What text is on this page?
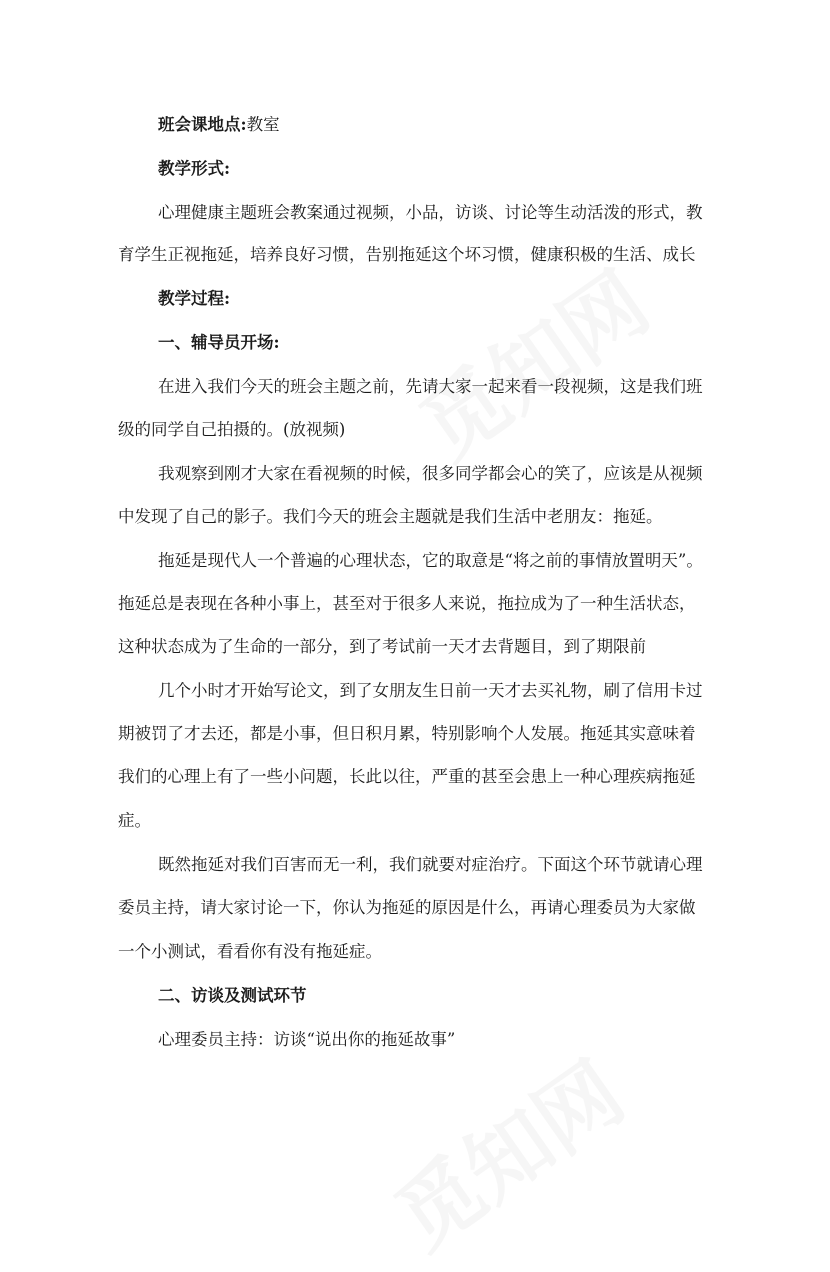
班会课地点:教室
教学形式:
心理健康主题班会教案通过视频，小品，访谈、讨论等生动活泼的形式，教
育学生正视拖延，培养良好习惯，告别拖延这个坏习惯，健康积极的生活、成长
教学过程:
一、辅导员开场:
在进入我们今天的班会主题之前，先请大家一起来看一段视频，这是我们班
级的同学自己拍摄的。(放视频)
我观察到刚才大家在看视频的时候，很多同学都会心的笑了，应该是从视频
中发现了自己的影子。我们今天的班会主题就是我们生活中老朋友：拖延。
拖延是现代人一个普遍的心理状态，它的取意是“将之前的事情放置明天”。
拖延总是表现在各种小事上，甚至对于很多人来说，拖拉成为了一种生活状态，
这种状态成为了生命的一部分，到了考试前一天才去背题目，到了期限前
几个小时才开始写论文，到了女朋友生日前一天才去买礼物，刷了信用卡过
期被罚了才去还，都是小事，但日积月累，特别影响个人发展。拖延其实意味着
我们的心理上有了一些小问题，长此以往，严重的甚至会患上一种心理疾病拖延
症。
既然拖延对我们百害而无一利，我们就要对症治疗。下面这个环节就请心理
委员主持，请大家讨论一下，你认为拖延的原因是什么，再请心理委员为大家做
一个小测试，看看你有没有拖延症。
二、访谈及测试环节
心理委员主持：访谈“说出你的拖延故事”
